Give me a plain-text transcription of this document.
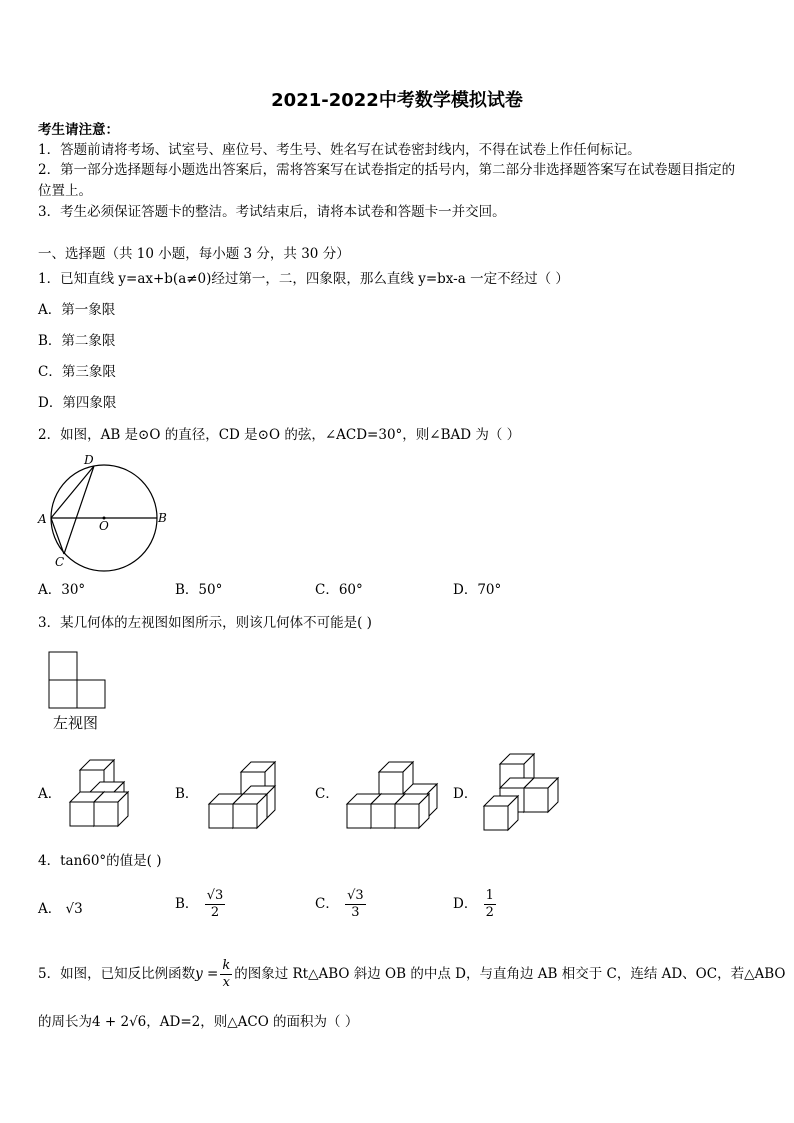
2021-2022中考数学模拟试卷
考生请注意：
1．答题前请将考场、试室号、座位号、考生号、姓名写在试卷密封线内，不得在试卷上作任何标记。
2．第一部分选择题每小题选出答案后，需将答案写在试卷指定的括号内，第二部分非选择题答案写在试卷题目指定的
位置上。
3．考生必须保证答题卡的整洁。考试结束后，请将本试卷和答题卡一并交回。
一、选择题（共 10 小题，每小题 3 分，共 30 分）
1．已知直线 y=ax+b(a≠0)经过第一，二，四象限，那么直线 y=bx-a 一定不经过（ ）
A．第一象限
B．第二象限
C．第三象限
D．第四象限
2．如图，AB 是⊙O 的直径，CD 是⊙O 的弦，∠ACD=30°，则∠BAD 为（ ）
D
A	O
B
C
A．30°	B．50°	C．60°	D．70°
3．某几何体的左视图如图所示，则该几何体不可能是( )
左视图
A．	B．	C．	D．
4．tan60°的值是( )
A． √3	B． $\frac{√3}{2}$	C． $\frac{√3}{3}$	D． $\frac{1}{2}$
5．如图，已知反比例函数$y = \frac{k}{x}$ 的图象过 Rt△ABO 斜边 OB 的中点 D，与直角边 AB 相交于 C，连结 AD、OC，若△ABO
的周长为4 + 2√6，AD=2，则△ACO 的面积为（ ）
